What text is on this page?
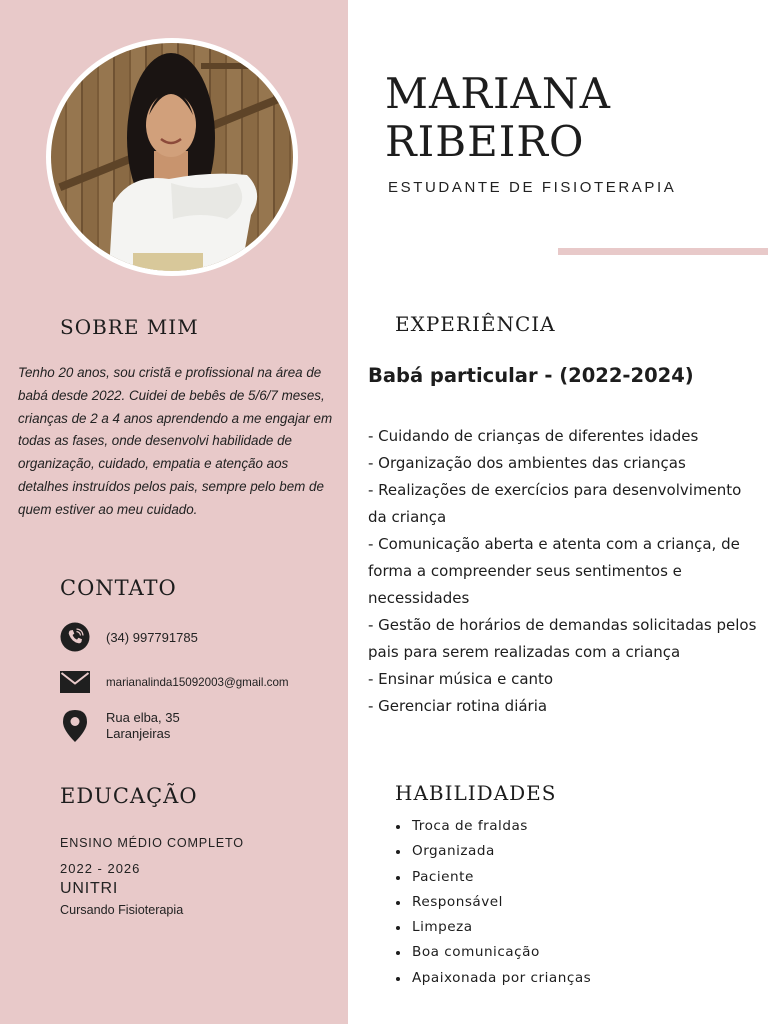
MARIANA
RIBEIRO

ESTUDANTE DE FISIOTERAPIA

SOBRE MIM

Tenho 20 anos, sou cristã e profissional na área de babá desde 2022. Cuidei de bebês de 5/6/7 meses, crianças de 2 a 4 anos aprendendo a me engajar em todas as fases, onde desenvolvi habilidade de organização, cuidado, empatia e atenção aos detalhes instruídos pelos pais, sempre pelo bem de quem estiver ao meu cuidado.

CONTATO
(34) 997791785
marianalinda15092003@gmail.com
Rua elba, 35
Laranjeiras
EDUCAÇÃO

ENSINO MÉDIO COMPLETO

2022 - 2026

UNITRI

Cursando Fisioterapia

EXPERIÊNCIA
Babá particular - (2022-2024)
- Cuidando de crianças de diferentes idades
- Organização dos ambientes das crianças
- Realizações de exercícios para desenvolvimento da criança
- Comunicação aberta e atenta com a criança, de forma a compreender seus sentimentos e necessidades
- Gestão de horários de demandas solicitadas pelos pais para serem realizadas com a criança
- Ensinar música e canto
- Gerenciar rotina diária
HABILIDADES
• Troca de fraldas
• Organizada
• Paciente
• Responsável
• Limpeza
• Boa comunicação
• Apaixonada por crianças
